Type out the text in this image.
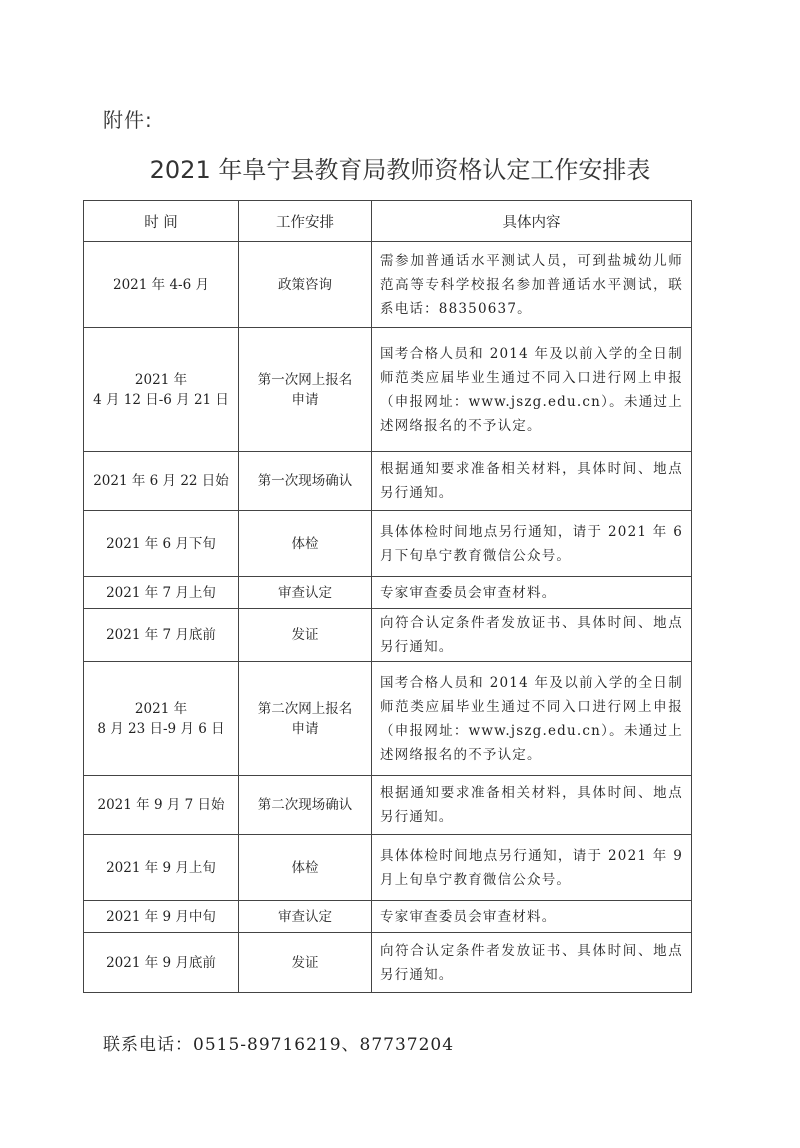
附件:
2021 年阜宁县教育局教师资格认定工作安排表
时 间	工作安排	具体内容
2021 年 4-6 月	政策咨询	需参加普通话水平测试人员，可到盐城幼儿师范高等专科学校报名参加普通话水平测试，联系电话：88350637。
2021 年
4 月 12 日-6 月 21 日	第一次网上报名申请	国考合格人员和 2014 年及以前入学的全日制师范类应届毕业生通过不同入口进行网上申报（申报网址：www.jszg.edu.cn）。未通过上述网络报名的不予认定。
2021 年 6 月 22 日始	第一次现场确认	根据通知要求准备相关材料，具体时间、地点另行通知。
2021 年 6 月下旬	体检	具体体检时间地点另行通知，请于 2021 年 6 月下旬阜宁教育微信公众号。
2021 年 7 月上旬	审查认定	专家审查委员会审查材料。
2021 年 7 月底前	发证	向符合认定条件者发放证书、具体时间、地点另行通知。
2021 年
8 月 23 日-9 月 6 日	第二次网上报名申请	国考合格人员和 2014 年及以前入学的全日制师范类应届毕业生通过不同入口进行网上申报（申报网址：www.jszg.edu.cn）。未通过上述网络报名的不予认定。
2021 年 9 月 7 日始	第二次现场确认	根据通知要求准备相关材料，具体时间、地点另行通知。
2021 年 9 月上旬	体检	具体体检时间地点另行通知，请于 2021 年 9 月上旬阜宁教育微信公众号。
2021 年 9 月中旬	审查认定	专家审查委员会审查材料。
2021 年 9 月底前	发证	向符合认定条件者发放证书、具体时间、地点另行通知。
联系电话：0515-89716219、87737204
